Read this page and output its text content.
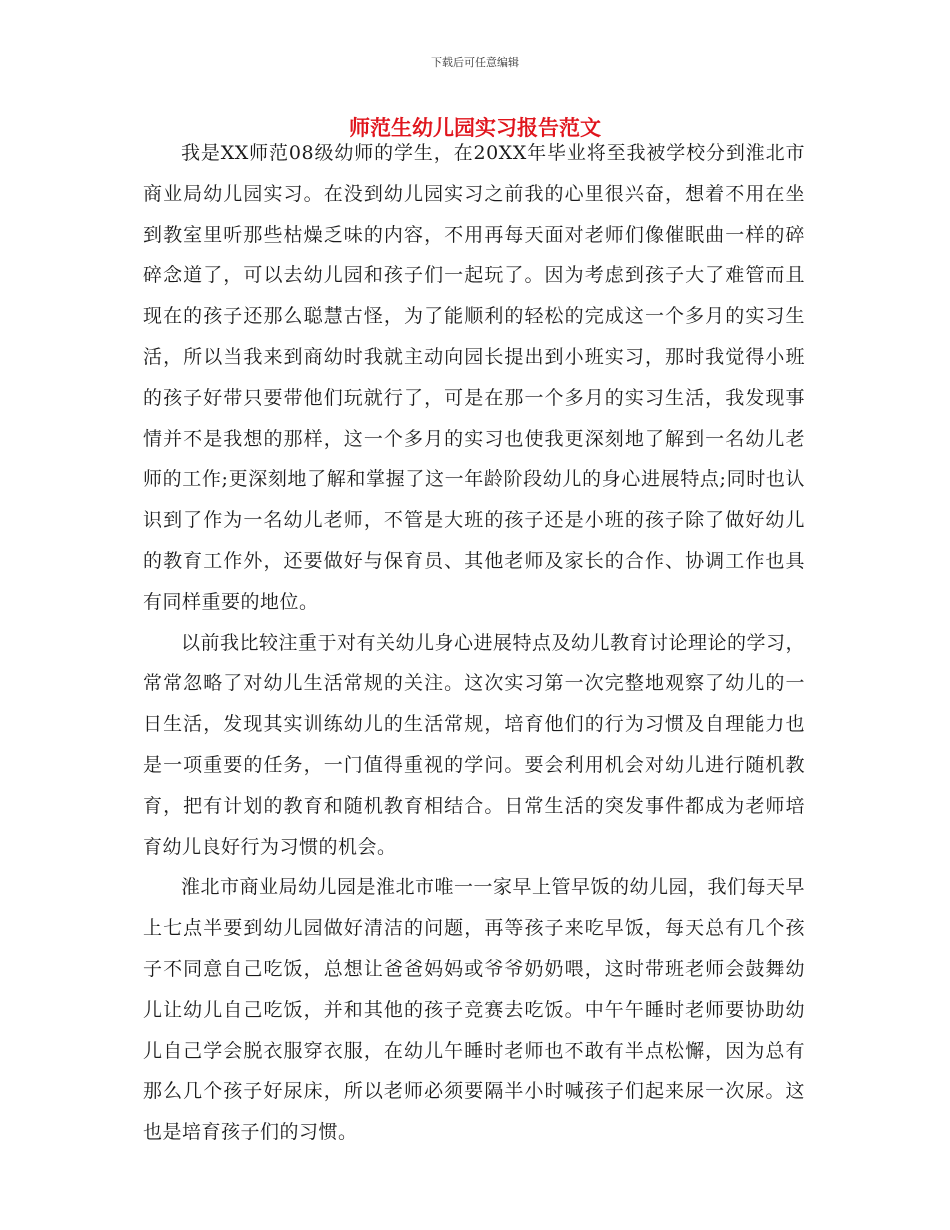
下载后可任意编辑
师范生幼儿园实习报告范文

我是XX师范08级幼师的学生，在20XX年毕业将至我被学校分到淮北市商业局幼儿园实习。在没到幼儿园实习之前我的心里很兴奋，想着不用在坐到教室里听那些枯燥乏味的内容，不用再每天面对老师们像催眠曲一样的碎碎念道了，可以去幼儿园和孩子们一起玩了。因为考虑到孩子大了难管而且现在的孩子还那么聪慧古怪，为了能顺利的轻松的完成这一个多月的实习生活，所以当我来到商幼时我就主动向园长提出到小班实习，那时我觉得小班的孩子好带只要带他们玩就行了，可是在那一个多月的实习生活，我发现事情并不是我想的那样，这一个多月的实习也使我更深刻地了解到一名幼儿老师的工作;更深刻地了解和掌握了这一年龄阶段幼儿的身心进展特点;同时也认识到了作为一名幼儿老师，不管是大班的孩子还是小班的孩子除了做好幼儿的教育工作外，还要做好与保育员、其他老师及家长的合作、协调工作也具有同样重要的地位。

以前我比较注重于对有关幼儿身心进展特点及幼儿教育讨论理论的学习，常常忽略了对幼儿生活常规的关注。这次实习第一次完整地观察了幼儿的一日生活，发现其实训练幼儿的生活常规，培育他们的行为习惯及自理能力也是一项重要的任务，一门值得重视的学问。要会利用机会对幼儿进行随机教育，把有计划的教育和随机教育相结合。日常生活的突发事件都成为老师培育幼儿良好行为习惯的机会。

淮北市商业局幼儿园是淮北市唯一一家早上管早饭的幼儿园，我们每天早上七点半要到幼儿园做好清洁的问题，再等孩子来吃早饭，每天总有几个孩子不同意自己吃饭，总想让爸爸妈妈或爷爷奶奶喂，这时带班老师会鼓舞幼儿让幼儿自己吃饭，并和其他的孩子竞赛去吃饭。中午午睡时老师要协助幼儿自己学会脱衣服穿衣服，在幼儿午睡时老师也不敢有半点松懈，因为总有那么几个孩子好尿床，所以老师必须要隔半小时喊孩子们起来尿一次尿。这也是培育孩子们的习惯。
